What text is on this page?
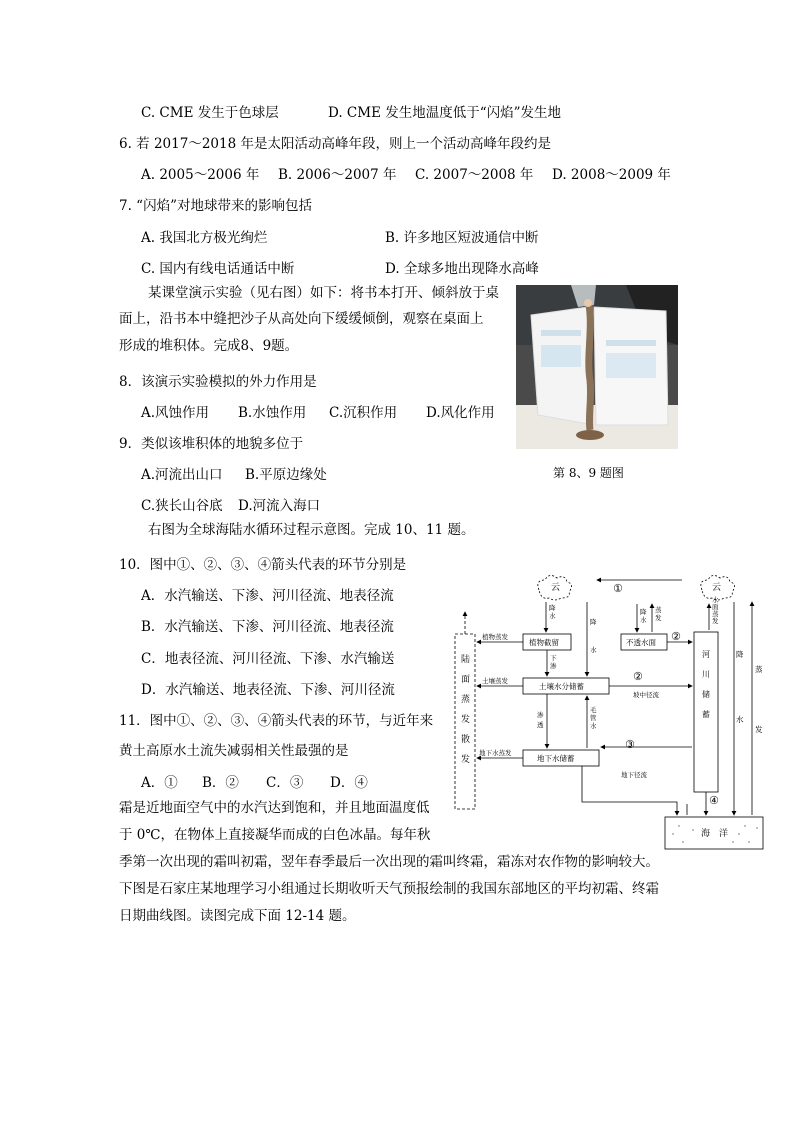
C. CME 发生于色球层	D. CME 发生地温度低于“闪焰”发生地
6. 若 2017～2018 年是太阳活动高峰年段，则上一个活动高峰年段约是
A. 2005～2006 年 B. 2006～2007 年 C. 2007～2008 年 D. 2008～2009 年
7. “闪焰”对地球带来的影响包括
A. 我国北方极光绚烂	B. 许多地区短波通信中断
C. 国内有线电话通话中断	D. 全球多地出现降水高峰
某课堂演示实验（见右图）如下：将书本打开、倾斜放于桌
面上，沿书本中缝把沙子从高处向下缓缓倾倒，观察在桌面上
形成的堆积体。完成8、9题。
第 8、9 题图
8．该演示实验模拟的外力作用是
A.风蚀作用 B.水蚀作用 C.沉积作用 D.风化作用
9．类似该堆积体的地貌多位于
A.河流出山口 B.平原边缘处
C.狭长山谷底 D.河流入海口
右图为全球海陆水循环过程示意图。完成 10、11 题。
10．图中①、②、③、④箭头代表的环节分别是
A．水汽输送、下渗、河川径流、地表径流
B．水汽输送、下渗、河川径流、地表径流
C．地表径流、河川径流、下渗、水汽输送
D．水汽输送、地表径流、下渗、河川径流
11．图中①、②、③、④箭头代表的环节，与近年来
黄土高原水土流失减弱相关性最强的是
A．① B．② C．③ D．④
霜是近地面空气中的水汽达到饱和，并且地面温度低
于 0℃，在物体上直接凝华而成的白色冰晶。每年秋
季第一次出现的霜叫初霜，翌年春季最后一次出现的霜叫终霜，霜冻对农作物的影响较大。
下图是石家庄某地理学习小组通过长期收听天气预报绘制的我国东部地区的平均初霜、终霜
日期曲线图。读图完成下面 12-14 题。
云	云
①
②
②
③
④
陆
面
蒸
发
散
发
植物截留	不透水面
土壤水分储蓄
地下水储蓄
河
川
储
蓄
海　洋
植物蒸发
土壤蒸发
地下水蒸发
坡中径流
地下径流
降
水
降
水
下
渗
渗
透
毛
管
水
降
水
蒸
发
水
面
蒸
发
降
水
蒸
发
